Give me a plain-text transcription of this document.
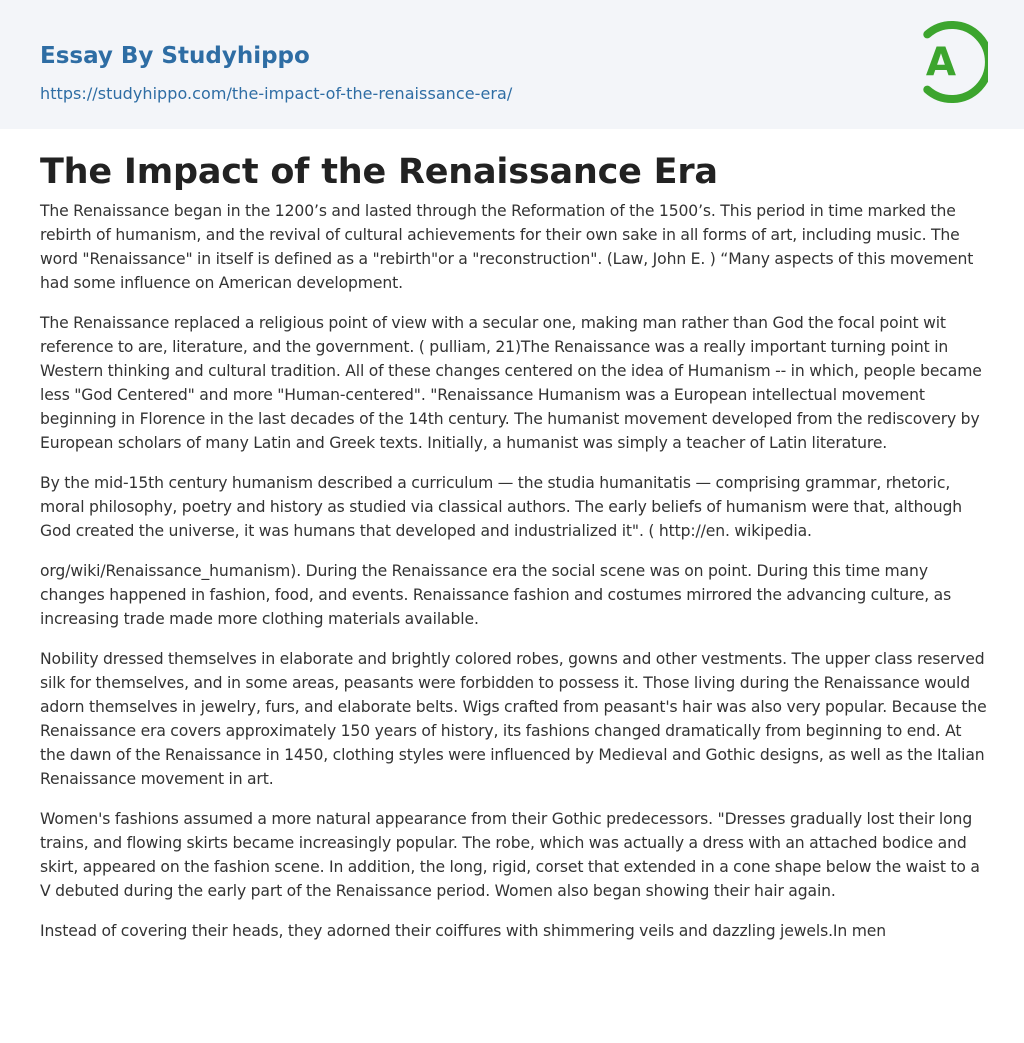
Essay By Studyhippo
https://studyhippo.com/the-impact-of-the-renaissance-era/
A
The Impact of the Renaissance Era

The Renaissance began in the 1200’s and lasted through the Reformation of the 1500’s. This period in time marked the rebirth of humanism, and the revival of cultural achievements for their own sake in all forms of art, including music. The word "Renaissance" in itself is defined as a "rebirth"or a "reconstruction". (Law, John E. ) “Many aspects of this movement had some influence on American development.

The Renaissance replaced a religious point of view with a secular one, making man rather than God the focal point wit reference to are, literature, and the government. ( pulliam, 21)The Renaissance was a really important turning point in Western thinking and cultural tradition. All of these changes centered on the idea of Humanism -- in which, people became less "God Centered" and more "Human-centered". "Renaissance Humanism was a European intellectual movement beginning in Florence in the last decades of the 14th century. The humanist movement developed from the rediscovery by European scholars of many Latin and Greek texts. Initially, a humanist was simply a teacher of Latin literature.

By the mid-15th century humanism described a curriculum — the studia humanitatis — comprising grammar, rhetoric, moral philosophy, poetry and history as studied via classical authors. The early beliefs of humanism were that, although God created the universe, it was humans that developed and industrialized it". ( http://en. wikipedia.

org/wiki/Renaissance_humanism). During the Renaissance era the social scene was on point. During this time many changes happened in fashion, food, and events. Renaissance fashion and costumes mirrored the advancing culture, as increasing trade made more clothing materials available.

Nobility dressed themselves in elaborate and brightly colored robes, gowns and other vestments. The upper class reserved silk for themselves, and in some areas, peasants were forbidden to possess it. Those living during the Renaissance would adorn themselves in jewelry, furs, and elaborate belts. Wigs crafted from peasant's hair was also very popular. Because the Renaissance era covers approximately 150 years of history, its fashions changed dramatically from beginning to end. At the dawn of the Renaissance in 1450, clothing styles were influenced by Medieval and Gothic designs, as well as the Italian Renaissance movement in art.

Women's fashions assumed a more natural appearance from their Gothic predecessors. "Dresses gradually lost their long trains, and flowing skirts became increasingly popular. The robe, which was actually a dress with an attached bodice and skirt, appeared on the fashion scene. In addition, the long, rigid, corset that extended in a cone shape below the waist to a V debuted during the early part of the Renaissance period. Women also began showing their hair again.

Instead of covering their heads, they adorned their coiffures with shimmering veils and dazzling jewels.In men
